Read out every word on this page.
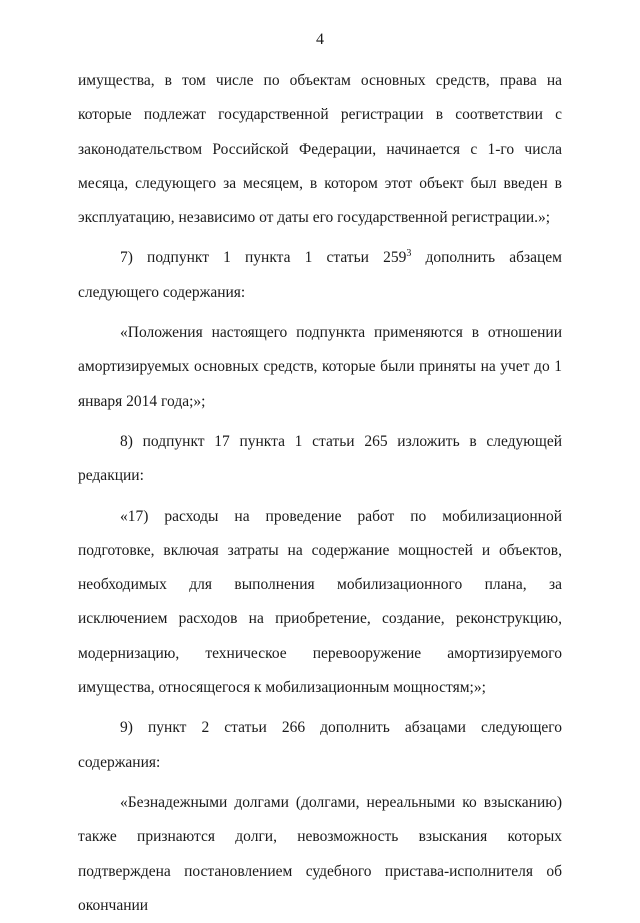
4

имущества, в том числе по объектам основных средств, права на которые подлежат государственной регистрации в соответствии с законодательством Российской Федерации, начинается с 1-го числа месяца, следующего за месяцем, в котором этот объект был введен в эксплуатацию, независимо от даты его государственной регистрации.»;

7) подпункт 1 пункта 1 статьи $259^3$ дополнить абзацем следующего содержания:

«Положения настоящего подпункта применяются в отношении амортизируемых основных средств, которые были приняты на учет до 1 января 2014 года;»;

8) подпункт 17 пункта 1 статьи 265 изложить в следующей редакции:

«17) расходы на проведение работ по мобилизационной подготовке, включая затраты на содержание мощностей и объектов, необходимых для выполнения мобилизационного плана, за исключением расходов на приобретение, создание, реконструкцию, модернизацию, техническое перевооружение амортизируемого имущества, относящегося к мобилизационным мощностям;»;

9) пункт 2 статьи 266 дополнить абзацами следующего содержания:

«Безнадежными долгами (долгами, нереальными ко взысканию) также признаются долги, невозможность взыскания которых подтверждена постановлением судебного пристава-исполнителя об окончании
